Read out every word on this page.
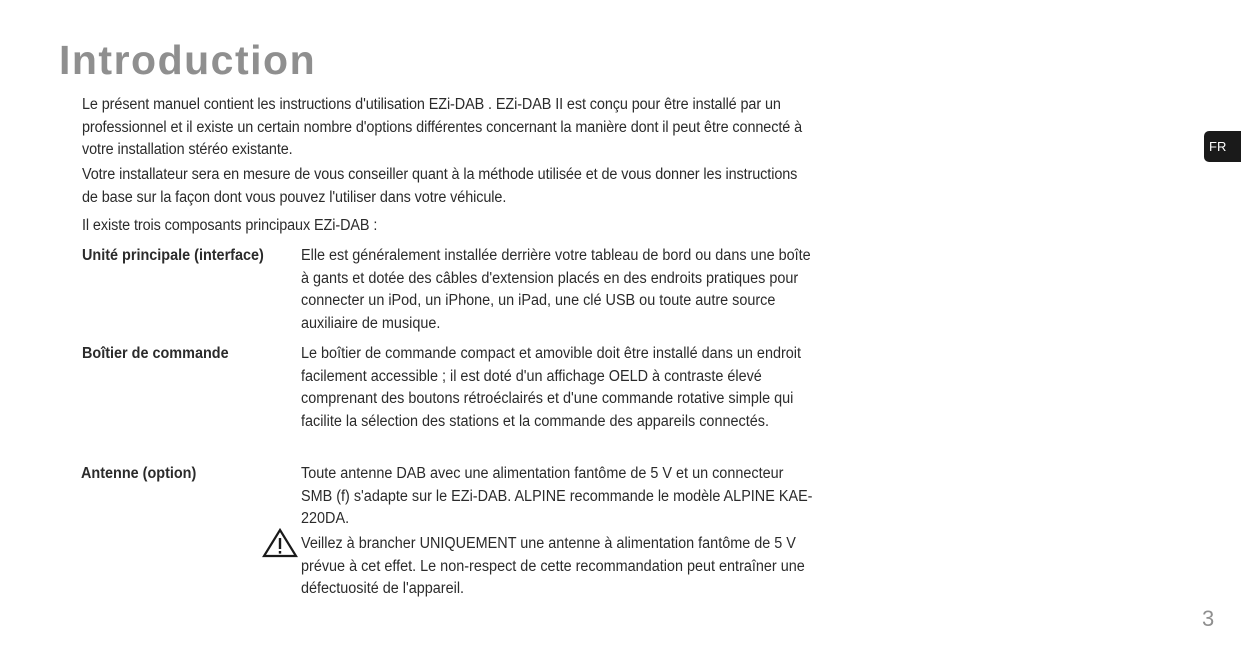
Introduction

Le présent manuel contient les instructions d'utilisation EZi-DAB . EZi-DAB II est conçu pour être installé par un professionnel et il existe un certain nombre d'options différentes concernant la manière dont il peut être connecté à votre installation stéréo existante.

Votre installateur sera en mesure de vous conseiller quant à la méthode utilisée et de vous donner les instructions de base sur la façon dont vous pouvez l'utiliser dans votre véhicule.

Il existe trois composants principaux EZi-DAB :

Unité principale (interface) Elle est généralement installée derrière votre tableau de bord ou dans une boîte à gants et dotée des câbles d'extension placés en des endroits pratiques pour connecter un iPod, un iPhone, un iPad, une clé USB ou toute autre source auxiliaire de musique.

Boîtier de commande	Le boîtier de commande compact et amovible doit être installé dans un endroit facilement accessible ; il est doté d'un affichage OELD à contraste élevé comprenant des boutons rétroéclairés et d'une commande rotative simple qui facilite la sélection des stations et la commande des appareils connectés.

Antenne (option)	Toute antenne DAB avec une alimentation fantôme de 5 V et un connecteur SMB (f) s'adapte sur le EZi-DAB. ALPINE recommande le modèle ALPINE KAE-220DA.

Veillez à brancher UNIQUEMENT une antenne à alimentation fantôme de 5 V prévue à cet effet. Le non-respect de cette recommandation peut entraîner une défectuosité de l'appareil.

FR
3
